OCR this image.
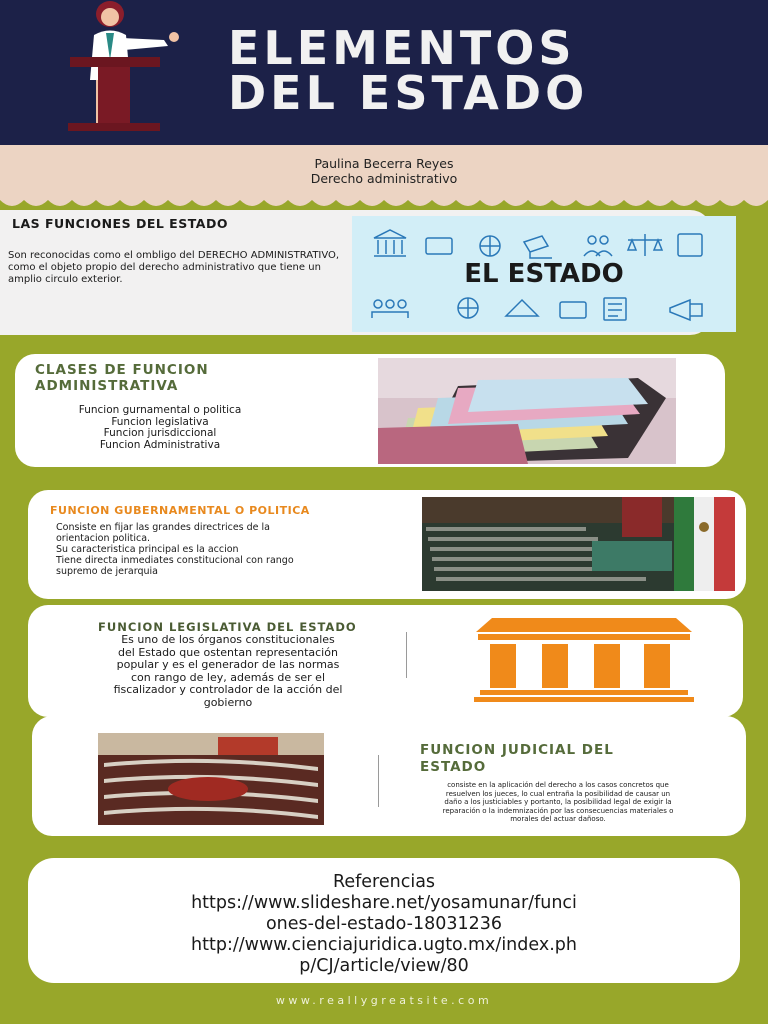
ELEMENTOS
DEL ESTADO
Paulina Becerra Reyes
Derecho administrativo
LAS FUNCIONES DEL ESTADO
Son reconocidas como el ombligo del DERECHO ADMINISTRATIVO, como el objeto propio del derecho administrativo que tiene un amplio circulo exterior.	EL ESTADO
CLASES DE FUNCION
ADMINISTRATIVA
Funcion gurnamental o politica
Funcion legislativa
Funcion jurisdiccional
Funcion Administrativa
FUNCION GUBERNAMENTAL O POLITICA
Consiste en fijar las grandes directrices de la
orientacion politica.
Su caracteristica principal es la accion
Tiene directa inmediates constitucional con rango
supremo de jerarquia
FUNCION LEGISLATIVA DEL ESTADO
Es uno de los órganos constitucionales
del Estado que ostentan representación
popular y es el generador de las normas
con rango de ley, además de ser el
fiscalizador y controlador de la acción del
gobierno
FUNCION JUDICIAL DEL
ESTADO
consiste en la aplicación del derecho a los casos concretos que
resuelven los jueces, lo cual entraña la posibilidad de causar un
daño a los justiciables y portanto, la posibilidad legal de exigir la
reparación o la indemnización por las consecuencias materiales o
morales del actuar dañoso.
Referencias
https://www.slideshare.net/yosamunar/funci
ones-del-estado-18031236
http://www.cienciajuridica.ugto.mx/index.ph
p/CJ/article/view/80
www.reallygreatsite.com
